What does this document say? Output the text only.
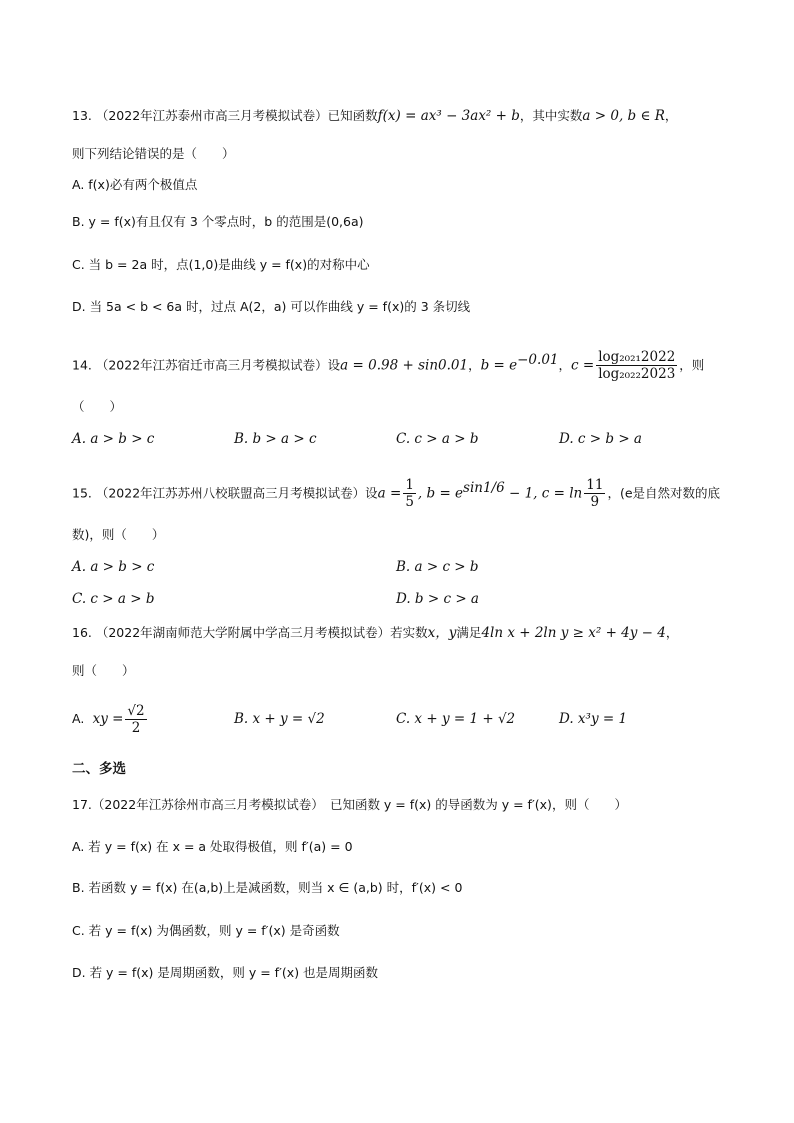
13. （2022年江苏泰州市高三月考模拟试卷）已知函数f(x) = ax³ − 3ax² + b，其中实数a > 0, b ∈ R，
则下列结论错误的是（　　）
A. f(x)必有两个极值点
B. y = f(x)有且仅有 3 个零点时，b 的范围是(0,6a)
C. 当 b = 2a 时，点(1,0)是曲线 y = f(x)的对称中心
D. 当 5a < b < 6a 时，过点 A(2，a) 可以作曲线 y = f(x)的 3 条切线
14. （2022年江苏宿迁市高三月考模拟试卷）设a = 0.98 + sin0.01，$b = e^{-0.01}$，$c = \frac{\text{log₂₀₂₁2022}}{\text{log₂₀₂₂2023}}$ ，则
（　　）
A. a > b > c	B. b > a > c	C. c > a > b	D. c > b > a
15. （2022年江苏苏州八校联盟高三月考模拟试卷）设$a = \frac{1}{5}$ , $b = e^{sin1/6} - 1$, $c = \ln \frac{11}{9}$ ，(e是自然对数的底
数)，则（　　）
A. a > b > c	B. a > c > b
C. c > a > b	D. b > c > a
16. （2022年湖南师范大学附属中学高三月考模拟试卷）若实数x，y满足4ln x + 2ln y ≥ x² + 4y − 4，
则（　　）
A. xy = $\frac{√2}{2}$	B. x + y = √2	C. x + y = 1 + √2	D. x³y = 1
二、多选
17.（2022年江苏徐州市高三月考模拟试卷）　已知函数 y = f(x) 的导函数为 y = f′(x)，则（　　）
A. 若 y = f(x) 在 x = a 处取得极值，则 f′(a) = 0
B. 若函数 y = f(x) 在(a,b)上是减函数，则当 x ∈ (a,b) 时，f′(x) < 0
C. 若 y = f(x) 为偶函数，则 y = f′(x) 是奇函数
D. 若 y = f(x) 是周期函数，则 y = f′(x) 也是周期函数
